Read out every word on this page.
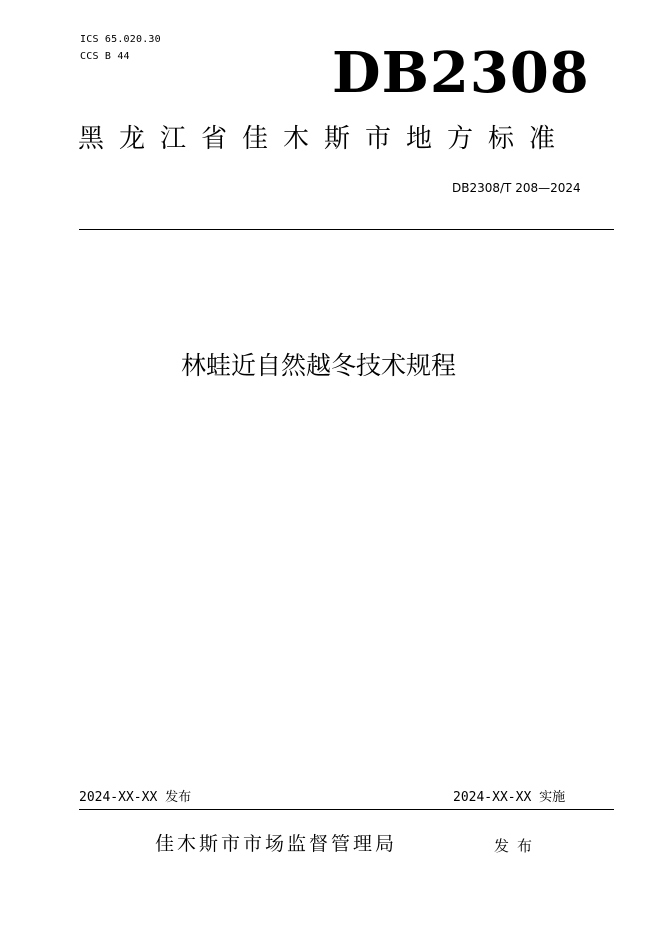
ICS 65.020.30
CCS B 44	DB2308
黑龙江省佳木斯市地方标准
DB2308/T 208—2024
林蛙近自然越冬技术规程
2024-XX-XX 发布	2024-XX-XX 实施
佳木斯市市场监督管理局	发布
